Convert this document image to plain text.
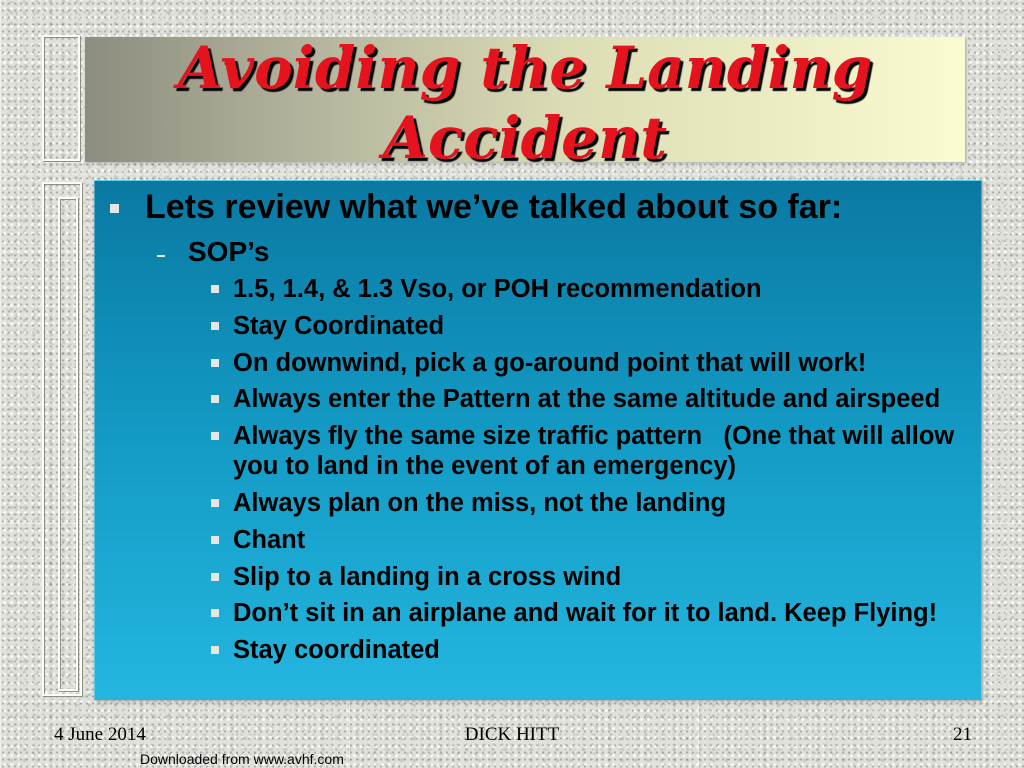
Avoiding the Landing
Accident
Lets review what we’ve talked about so far:
SOP’s
1.5, 1.4, & 1.3 Vso, or POH recommendation
Stay Coordinated
On downwind, pick a go-around point that will work!
Always enter the Pattern at the same altitude and airspeed
Always fly the same size traffic pattern   (One that will allow you to land in the event of an emergency)
Always plan on the miss, not the landing
Chant
Slip to a landing in a cross wind
Don’t sit in an airplane and wait for it to land. Keep Flying!
Stay coordinated
4 June 2014	DICK HITT	21
Downloaded from www.avhf.com
